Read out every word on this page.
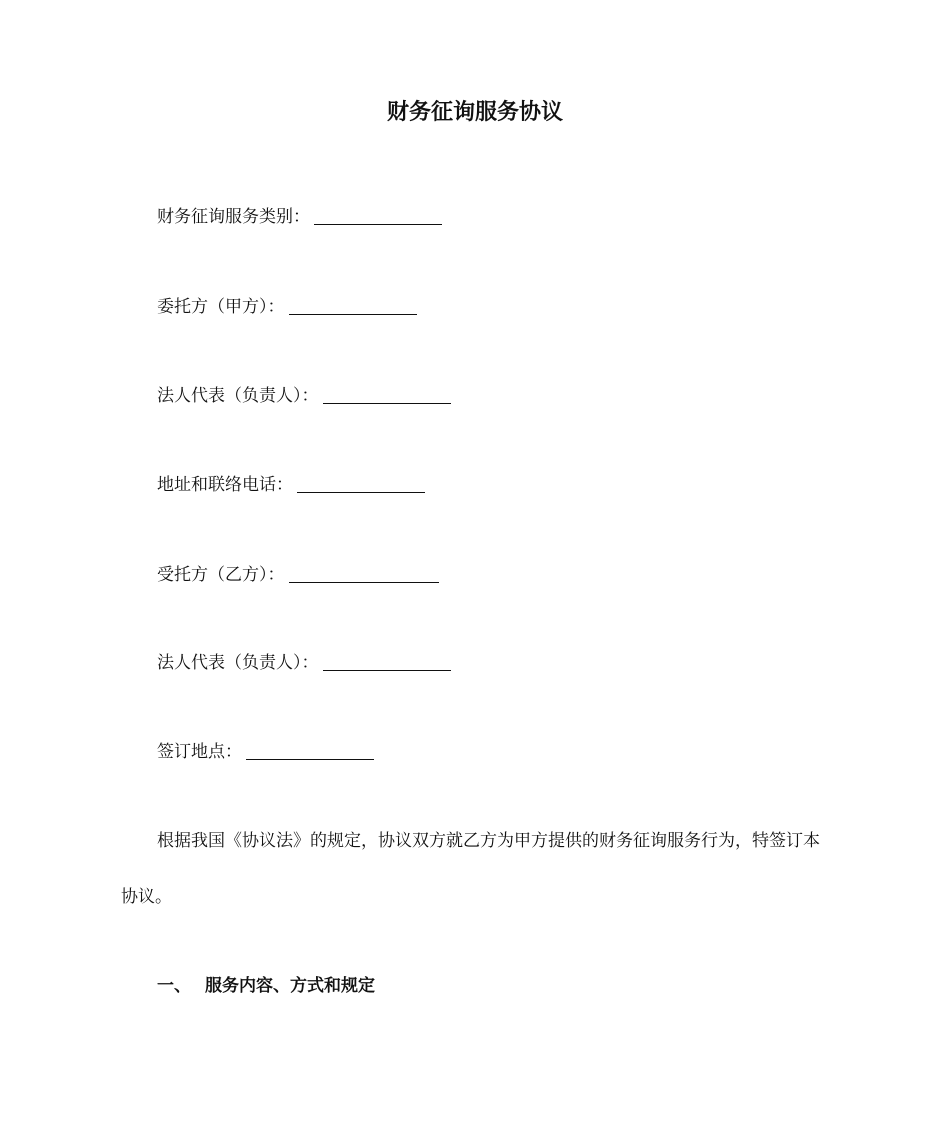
财务征询服务协议
财务征询服务类别：
委托方（甲方）：
法人代表（负责人）：
地址和联络电话：
受托方（乙方）：
法人代表（负责人）：
签订地点：
根据我国《协议法》的规定，协议双方就乙方为甲方提供的财务征询服务行为，特签订本协议。
一、 服务内容、方式和规定
